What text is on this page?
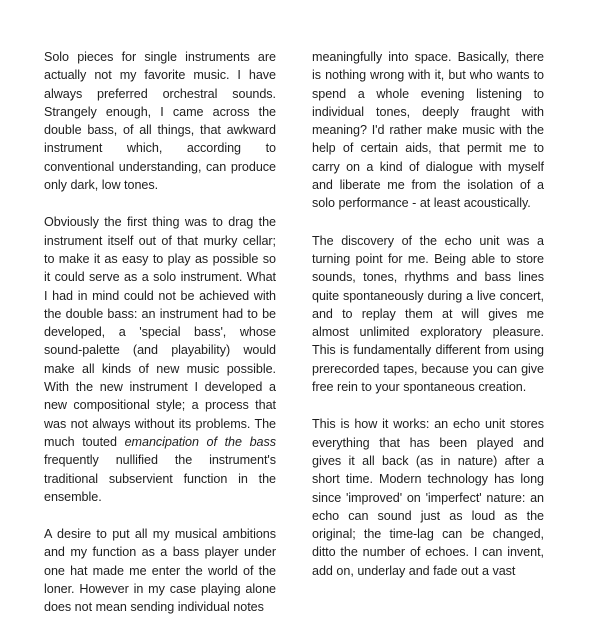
Solo pieces for single instruments are actually not my favorite music. I have always preferred orchestral sounds. Strangely enough, I came across the double bass, of all things, that awkward instrument which, according to conventional understanding, can produce only dark, low tones.

Obviously the first thing was to drag the instrument itself out of that murky cellar; to make it as easy to play as possible so it could serve as a solo instrument. What I had in mind could not be achieved with the double bass: an instrument had to be developed, a 'special bass', whose sound-palette (and playability) would make all kinds of new music possible. With the new instrument I developed a new compositional style; a process that was not always without its problems. The much touted emancipation of the bass frequently nullified the instrument's traditional subservient function in the ensemble.

A desire to put all my musical ambitions and my function as a bass player under one hat made me enter the world of the loner. However in my case playing alone does not mean sending individual notes

meaningfully into space. Basically, there is nothing wrong with it, but who wants to spend a whole evening listening to individual tones, deeply fraught with meaning? I'd rather make music with the help of certain aids, that permit me to carry on a kind of dialogue with myself and liberate me from the isolation of a solo performance - at least acoustically.

The discovery of the echo unit was a turning point for me. Being able to store sounds, tones, rhythms and bass lines quite spontaneously during a live concert, and to replay them at will gives me almost unlimited exploratory pleasure. This is fundamentally different from using prerecorded tapes, because you can give free rein to your spontaneous creation.

This is how it works: an echo unit stores everything that has been played and gives it all back (as in nature) after a short time. Modern technology has long since 'improved' on 'imperfect' nature: an echo can sound just as loud as the original; the time-lag can be changed, ditto the number of echoes. I can invent, add on, underlay and fade out a vast
